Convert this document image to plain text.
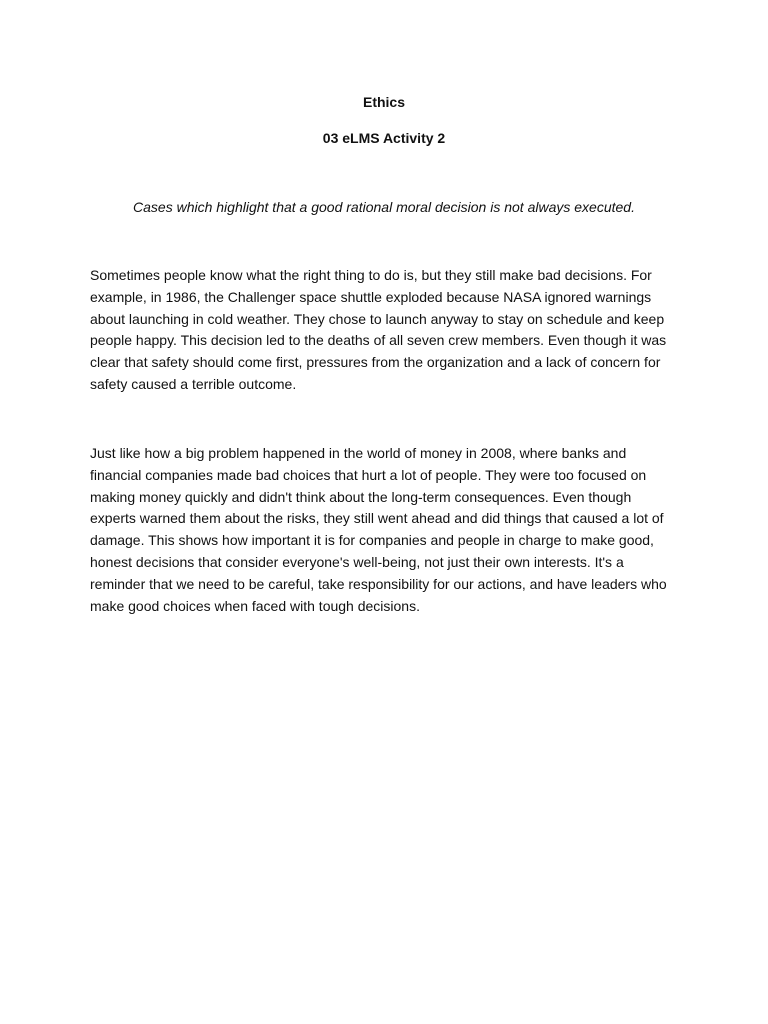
Ethics
03 eLMS Activity 2
Cases which highlight that a good rational moral decision is not always executed.

Sometimes people know what the right thing to do is, but they still make bad decisions. For example, in 1986, the Challenger space shuttle exploded because NASA ignored warnings about launching in cold weather. They chose to launch anyway to stay on schedule and keep people happy. This decision led to the deaths of all seven crew members. Even though it was clear that safety should come first, pressures from the organization and a lack of concern for safety caused a terrible outcome.

Just like how a big problem happened in the world of money in 2008, where banks and financial companies made bad choices that hurt a lot of people. They were too focused on making money quickly and didn't think about the long-term consequences. Even though experts warned them about the risks, they still went ahead and did things that caused a lot of damage. This shows how important it is for companies and people in charge to make good, honest decisions that consider everyone's well-being, not just their own interests. It's a reminder that we need to be careful, take responsibility for our actions, and have leaders who make good choices when faced with tough decisions.
